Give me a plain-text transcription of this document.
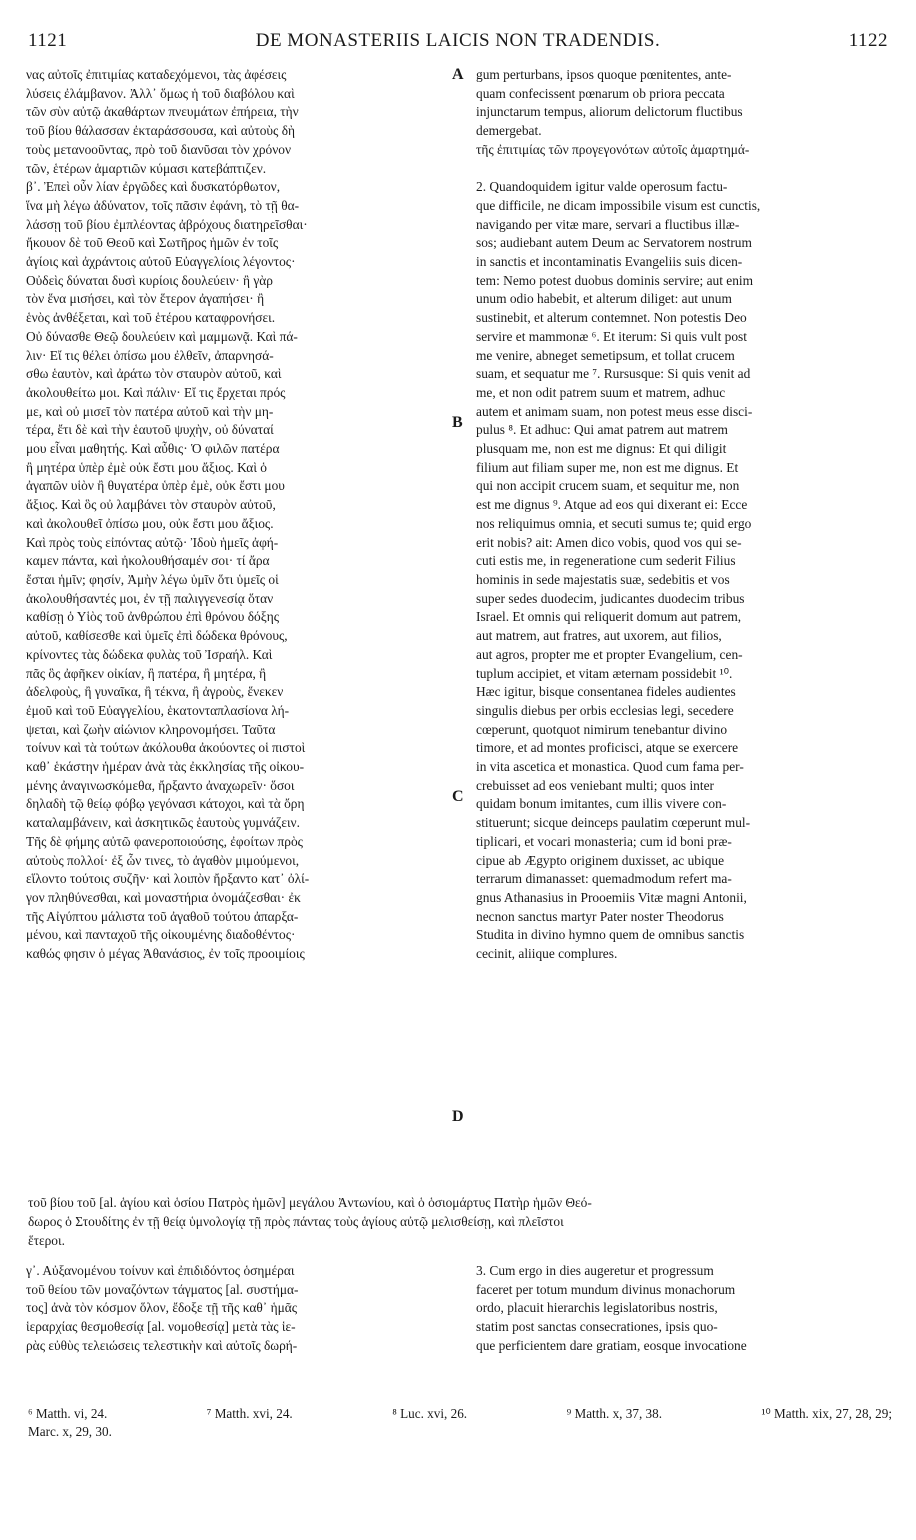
1121	DE MONASTERIIS LAICIS NON TRADENDIS.	1122

νας αὐτοῖς ἐπιτιμίας καταδεχόμενοι, τὰς ἀφέσεις

λύσεις ἐλάμβανον. Ἀλλ᾽ ὅμως ἡ τοῦ διαβόλου καὶ

τῶν σὺν αὐτῷ ἀκαθάρτων πνευμάτων ἐπήρεια, τὴν

τοῦ βίου θάλασσαν ἐκταράσσουσα, καὶ αὐτοὺς δὴ

τοὺς μετανοοῦντας, πρὸ τοῦ διανῦσαι τὸν χρόνον

τῶν, ἑτέρων ἁμαρτιῶν κύμασι κατεβάπτιζεν.

β᾽. Ἐπεὶ οὖν λίαν ἐργῶδες καὶ δυσκατόρθωτον,

ἵνα μὴ λέγω ἀδύνατον, τοῖς πᾶσιν ἐφάνη, τὸ τῇ θα-

λάσσῃ τοῦ βίου ἐμπλέοντας ἀβρόχους διατηρεῖσθαι·

ἤκουον δὲ τοῦ Θεοῦ καὶ Σωτῆρος ἡμῶν ἐν τοῖς

ἁγίοις καὶ ἀχράντοις αὐτοῦ Εὐαγγελίοις λέγοντος·

Οὐδεὶς δύναται δυσὶ κυρίοις δουλεύειν· ἢ γὰρ

τὸν ἕνα μισήσει, καὶ τὸν ἕτερον ἀγαπήσει· ἢ

ἑνὸς ἀνθέξεται, καὶ τοῦ ἑτέρου καταφρονήσει.

Οὐ δύνασθε Θεῷ δουλεύειν καὶ μαμμωνᾷ. Καὶ πά-

λιν· Εἴ τις θέλει ὀπίσω μου ἐλθεῖν, ἀπαρνησά-

σθω ἑαυτὸν, καὶ ἀράτω τὸν σταυρὸν αὐτοῦ, καὶ

ἀκολουθείτω μοι. Καὶ πάλιν· Εἴ τις ἔρχεται πρός

με, καὶ οὐ μισεῖ τὸν πατέρα αὐτοῦ καὶ τὴν μη-

τέρα, ἔτι δὲ καὶ τὴν ἑαυτοῦ ψυχὴν, οὐ δύναταί

μου εἶναι μαθητής. Καὶ αὖθις· Ὁ φιλῶν πατέρα

ἢ μητέρα ὑπὲρ ἐμὲ οὐκ ἔστι μου ἄξιος. Καὶ ὁ

ἀγαπῶν υἱὸν ἢ θυγατέρα ὑπὲρ ἐμὲ, οὐκ ἔστι μου

ἄξιος. Καὶ ὃς οὐ λαμβάνει τὸν σταυρὸν αὐτοῦ,

καὶ ἀκολουθεῖ ὀπίσω μου, οὐκ ἔστι μου ἄξιος.

Καὶ πρὸς τοὺς εἰπόντας αὐτῷ· Ἰδοὺ ἡμεῖς ἀφή-

καμεν πάντα, καὶ ἠκολουθήσαμέν σοι· τί ἄρα

ἔσται ἡμῖν; φησίν, Ἀμὴν λέγω ὑμῖν ὅτι ὑμεῖς οἱ

ἀκολουθήσαντές μοι, ἐν τῇ παλιγγενεσίᾳ ὅταν

καθίσῃ ὁ Υἱὸς τοῦ ἀνθρώπου ἐπὶ θρόνου δόξης

αὐτοῦ, καθίσεσθε καὶ ὑμεῖς ἐπὶ δώδεκα θρόνους,

κρίνοντες τὰς δώδεκα φυλὰς τοῦ Ἰσραήλ. Καὶ

πᾶς ὃς ἀφῆκεν οἰκίαν, ἢ πατέρα, ἢ μητέρα, ἢ

ἀδελφοὺς, ἢ γυναῖκα, ἢ τέκνα, ἢ ἀγροὺς, ἕνεκεν

ἐμοῦ καὶ τοῦ Εὐαγγελίου, ἑκατονταπλασίονα λή-

ψεται, καὶ ζωὴν αἰώνιον κληρονομήσει. Ταῦτα

τοίνυν καὶ τὰ τούτων ἀκόλουθα ἀκούοντες οἱ πιστοὶ

καθ᾽ ἑκάστην ἡμέραν ἀνὰ τὰς ἐκκλησίας τῆς οἰκου-

μένης ἀναγινωσκόμεθα, ἤρξαντο ἀναχωρεῖν· ὅσοι

δηλαδὴ τῷ θείῳ φόβῳ γεγόνασι κάτοχοι, καὶ τὰ ὄρη

καταλαμβάνειν, καὶ ἀσκητικῶς ἑαυτοὺς γυμνάζειν.

Τῆς δὲ φήμης αὐτῶ φανεροποιούσης, ἐφοίτων πρὸς

αὐτοὺς πολλοί· ἐξ ὧν τινες, τὸ ἀγαθὸν μιμούμενοι,

εἵλοντο τούτοις συζῆν· καὶ λοιπὸν ἤρξαντο κατ᾽ ὀλί-

γον πληθύνεσθαι, καὶ μοναστήρια ὀνομάζεσθαι· ἐκ

τῆς Αἰγύπτου μάλιστα τοῦ ἀγαθοῦ τούτου ἀπαρξα-

μένου, καὶ πανταχοῦ τῆς οἰκουμένης διαδοθέντος·

καθώς φησιν ὁ μέγας Ἀθανάσιος, ἐν τοῖς προοιμίοις

gum perturbans, ipsos quoque pœnitentes, ante-

quam confecissent pœnarum ob priora peccata

injunctarum tempus, aliorum delictorum fluctibus

demergebat.

τῆς ἐπιτιμίας τῶν προγεγονότων αὐτοῖς ἁμαρτημά-

2. Quandoquidem igitur valde operosum factu-

que difficile, ne dicam impossibile visum est cunctis,

navigando per vitæ mare, servari a fluctibus illæ-

sos; audiebant autem Deum ac Servatorem nostrum

in sanctis et incontaminatis Evangeliis suis dicen-

tem: Nemo potest duobus dominis servire; aut enim

unum odio habebit, et alterum diliget: aut unum

sustinebit, et alterum contemnet. Non potestis Deo

servire et mammonæ ⁶. Et iterum: Si quis vult post

me venire, abneget semetipsum, et tollat crucem

suam, et sequatur me ⁷. Rursusque: Si quis venit ad

me, et non odit patrem suum et matrem, adhuc

autem et animam suam, non potest meus esse disci-

pulus ⁸. Et adhuc: Qui amat patrem aut matrem

plusquam me, non est me dignus: Et qui diligit

filium aut filiam super me, non est me dignus. Et

qui non accipit crucem suam, et sequitur me, non

est me dignus ⁹. Atque ad eos qui dixerant ei: Ecce

nos reliquimus omnia, et secuti sumus te; quid ergo

erit nobis? ait: Amen dico vobis, quod vos qui se-

cuti estis me, in regeneratione cum sederit Filius

hominis in sede majestatis suæ, sedebitis et vos

super sedes duodecim, judicantes duodecim tribus

Israel. Et omnis qui reliquerit domum aut patrem,

aut matrem, aut fratres, aut uxorem, aut filios,

aut agros, propter me et propter Evangelium, cen-

tuplum accipiet, et vitam æternam possidebit ¹⁰.

Hæc igitur, bisque consentanea fideles audientes

singulis diebus per orbis ecclesias legi, secedere

cœperunt, quotquot nimirum tenebantur divino

timore, et ad montes proficisci, atque se exercere

in vita ascetica et monastica. Quod cum fama per-

crebuisset ad eos veniebant multi; quos inter

quidam bonum imitantes, cum illis vivere con-

stituerunt; sicque deinceps paulatim cœperunt mul-

tiplicari, et vocari monasteria; cum id boni præ-

cipue ab Ægypto originem duxisset, ac ubique

terrarum dimanasset: quemadmodum refert ma-

gnus Athanasius in Prooemiis Vitæ magni Antonii,

necnon sanctus martyr Pater noster Theodorus

Studita in divino hymno quem de omnibus sanctis

cecinit, aliique complures.

A
B
C
D
τοῦ βίου τοῦ [al. ἁγίου καὶ ὁσίου Πατρὸς ἡμῶν] μεγάλου Ἀντωνίου, καὶ ὁ ὁσιομάρτυς Πατὴρ ἡμῶν Θεό-
δωρος ὁ Στουδίτης ἐν τῇ θείᾳ ὑμνολογίᾳ τῇ πρὸς πάντας τοὺς ἁγίους αὐτῷ μελισθείσῃ, καὶ πλεῖστοι
ἕτεροι.

γ᾽. Αὐξανομένου τοίνυν καὶ ἐπιδιδόντος ὁσημέραι

τοῦ θείου τῶν μοναζόντων τάγματος [al. συστήμα-

τος] ἀνὰ τὸν κόσμον ὅλον, ἔδοξε τῇ τῆς καθ᾽ ἡμᾶς

ἱεραρχίας θεσμοθεσίᾳ [al. νομοθεσίᾳ] μετὰ τὰς ἱε-

ρὰς εὐθὺς τελειώσεις τελεστικὴν καὶ αὐτοῖς δωρή-

3. Cum ergo in dies augeretur et progressum

faceret per totum mundum divinus monachorum

ordo, placuit hierarchis legislatoribus nostris,

statim post sanctas consecrationes, ipsis quo-

que perficientem dare gratiam, eosque invocatione

⁶ Matth. vi, 24.	⁷ Matth. xvi, 24.	⁸ Luc. xvi, 26.	⁹ Matth. x, 37, 38.	¹⁰ Matth. xix, 27, 28, 29;
Marc. x, 29, 30.
